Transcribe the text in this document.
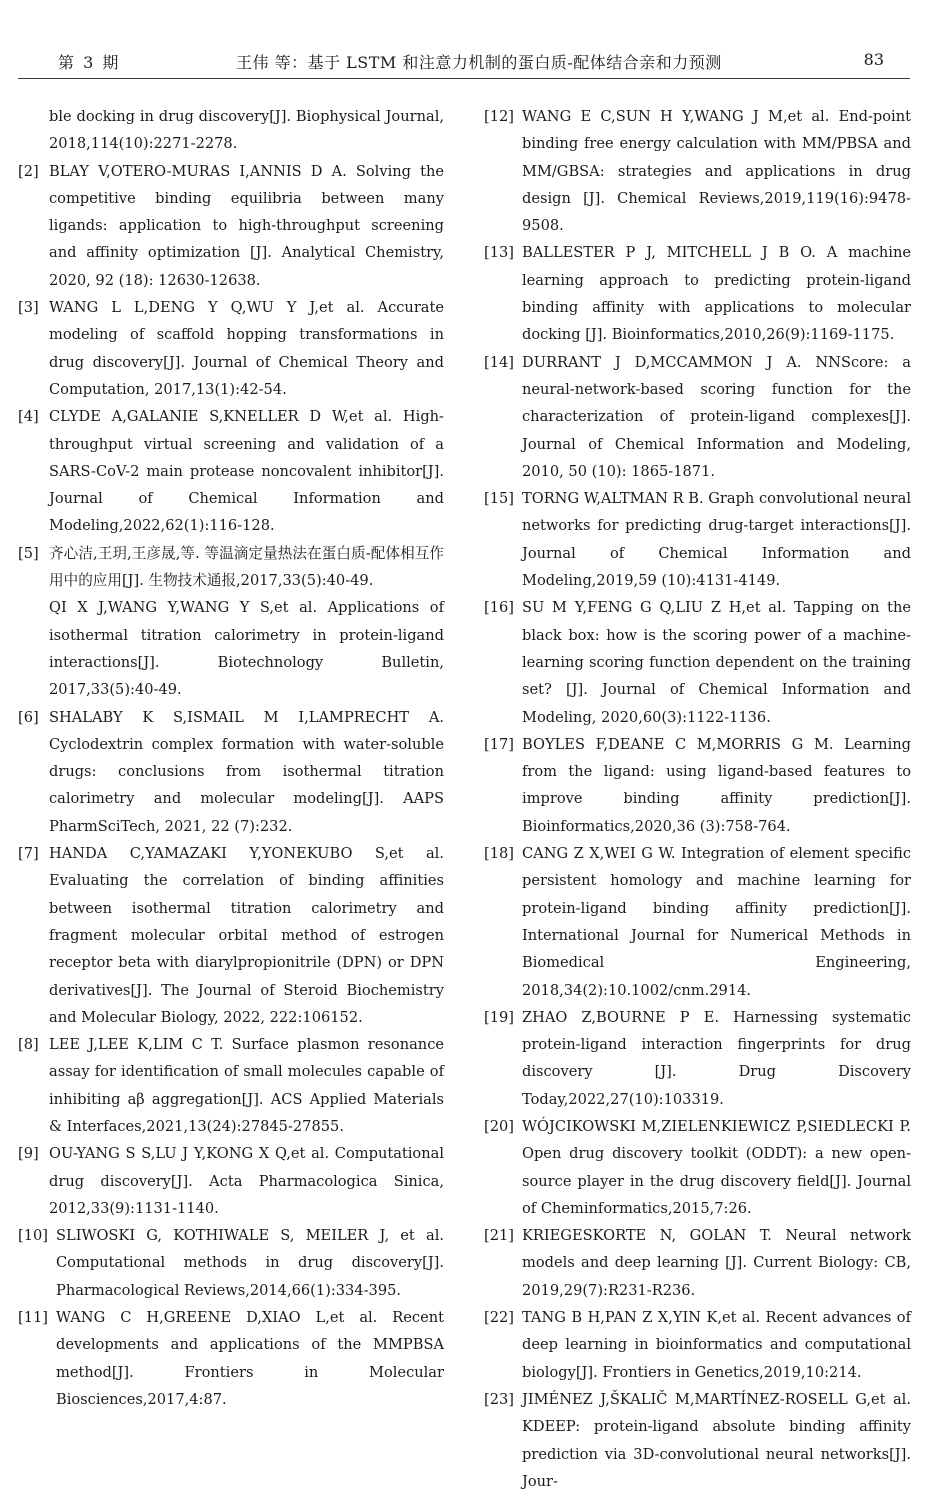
第 3 期	王伟 等：基于 LSTM 和注意力机制的蛋白质-配体结合亲和力预测	83
ble docking in drug discovery[J]. Biophysical Journal, 2018,114(10):2271-2278.
[2] BLAY V,OTERO-MURAS I,ANNIS D A. Solving the competitive binding equilibria between many ligands: application to high-throughput screening and affinity optimization [J]. Analytical Chemistry, 2020, 92 (18): 12630-12638.
[3] WANG L L,DENG Y Q,WU Y J,et al. Accurate modeling of scaffold hopping transformations in drug discovery[J]. Journal of Chemical Theory and Computation, 2017,13(1):42-54.
[4] CLYDE A,GALANIE S,KNELLER D W,et al. High-throughput virtual screening and validation of a SARS-CoV-2 main protease noncovalent inhibitor[J]. Journal of Chemical Information and Modeling,2022,62(1):116-128.
[5] 齐心洁,王玥,王彦晟,等. 等温滴定量热法在蛋白质-配体相互作用中的应用[J]. 生物技术通报,2017,33(5):40-49.
QI X J,WANG Y,WANG Y S,et al. Applications of isothermal titration calorimetry in protein-ligand interactions[J]. Biotechnology Bulletin, 2017,33(5):40-49.
[6] SHALABY K S,ISMAIL M I,LAMPRECHT A. Cyclodextrin complex formation with water-soluble drugs: conclusions from isothermal titration calorimetry and molecular modeling[J]. AAPS PharmSciTech, 2021, 22 (7):232.
[7] HANDA C,YAMAZAKI Y,YONEKUBO S,et al. Evaluating the correlation of binding affinities between isothermal titration calorimetry and fragment molecular orbital method of estrogen receptor beta with diarylpropionitrile (DPN) or DPN derivatives[J]. The Journal of Steroid Biochemistry and Molecular Biology, 2022, 222:106152.
[8] LEE J,LEE K,LIM C T. Surface plasmon resonance assay for identification of small molecules capable of inhibiting aβ aggregation[J]. ACS Applied Materials & Interfaces,2021,13(24):27845-27855.
[9] OU-YANG S S,LU J Y,KONG X Q,et al. Computational drug discovery[J]. Acta Pharmacologica Sinica, 2012,33(9):1131-1140.
[10] SLIWOSKI G, KOTHIWALE S, MEILER J, et al. Computational methods in drug discovery[J]. Pharmacological Reviews,2014,66(1):334-395.
[11] WANG C H,GREENE D,XIAO L,et al. Recent developments and applications of the MMPBSA method[J]. Frontiers in Molecular Biosciences,2017,4:87.
[12] WANG E C,SUN H Y,WANG J M,et al. End-point binding free energy calculation with MM/PBSA and MM/GBSA: strategies and applications in drug design [J]. Chemical Reviews,2019,119(16):9478-9508.
[13] BALLESTER P J, MITCHELL J B O. A machine learning approach to predicting protein-ligand binding affinity with applications to molecular docking [J]. Bioinformatics,2010,26(9):1169-1175.
[14] DURRANT J D,MCCAMMON J A. NNScore: a neural-network-based scoring function for the characterization of protein-ligand complexes[J]. Journal of Chemical Information and Modeling, 2010, 50 (10): 1865-1871.
[15] TORNG W,ALTMAN R B. Graph convolutional neural networks for predicting drug-target interactions[J]. Journal of Chemical Information and Modeling,2019,59 (10):4131-4149.
[16] SU M Y,FENG G Q,LIU Z H,et al. Tapping on the black box: how is the scoring power of a machine-learning scoring function dependent on the training set? [J]. Journal of Chemical Information and Modeling, 2020,60(3):1122-1136.
[17] BOYLES F,DEANE C M,MORRIS G M. Learning from the ligand: using ligand-based features to improve binding affinity prediction[J]. Bioinformatics,2020,36 (3):758-764.
[18] CANG Z X,WEI G W. Integration of element specific persistent homology and machine learning for protein-ligand binding affinity prediction[J]. International Journal for Numerical Methods in Biomedical Engineering, 2018,34(2):10.1002/cnm.2914.
[19] ZHAO Z,BOURNE P E. Harnessing systematic protein-ligand interaction fingerprints for drug discovery [J]. Drug Discovery Today,2022,27(10):103319.
[20] WÓJCIKOWSKI M,ZIELENKIEWICZ P,SIEDLECKI P. Open drug discovery toolkit (ODDT): a new open-source player in the drug discovery field[J]. Journal of Cheminformatics,2015,7:26.
[21] KRIEGESKORTE N, GOLAN T. Neural network models and deep learning [J]. Current Biology: CB, 2019,29(7):R231-R236.
[22] TANG B H,PAN Z X,YIN K,et al. Recent advances of deep learning in bioinformatics and computational biology[J]. Frontiers in Genetics,2019,10:214.
[23] JIMÉNEZ J,ŠKALIČ M,MARTÍNEZ-ROSELL G,et al. KDEEP: protein-ligand absolute binding affinity prediction via 3D-convolutional neural networks[J]. Jour-
